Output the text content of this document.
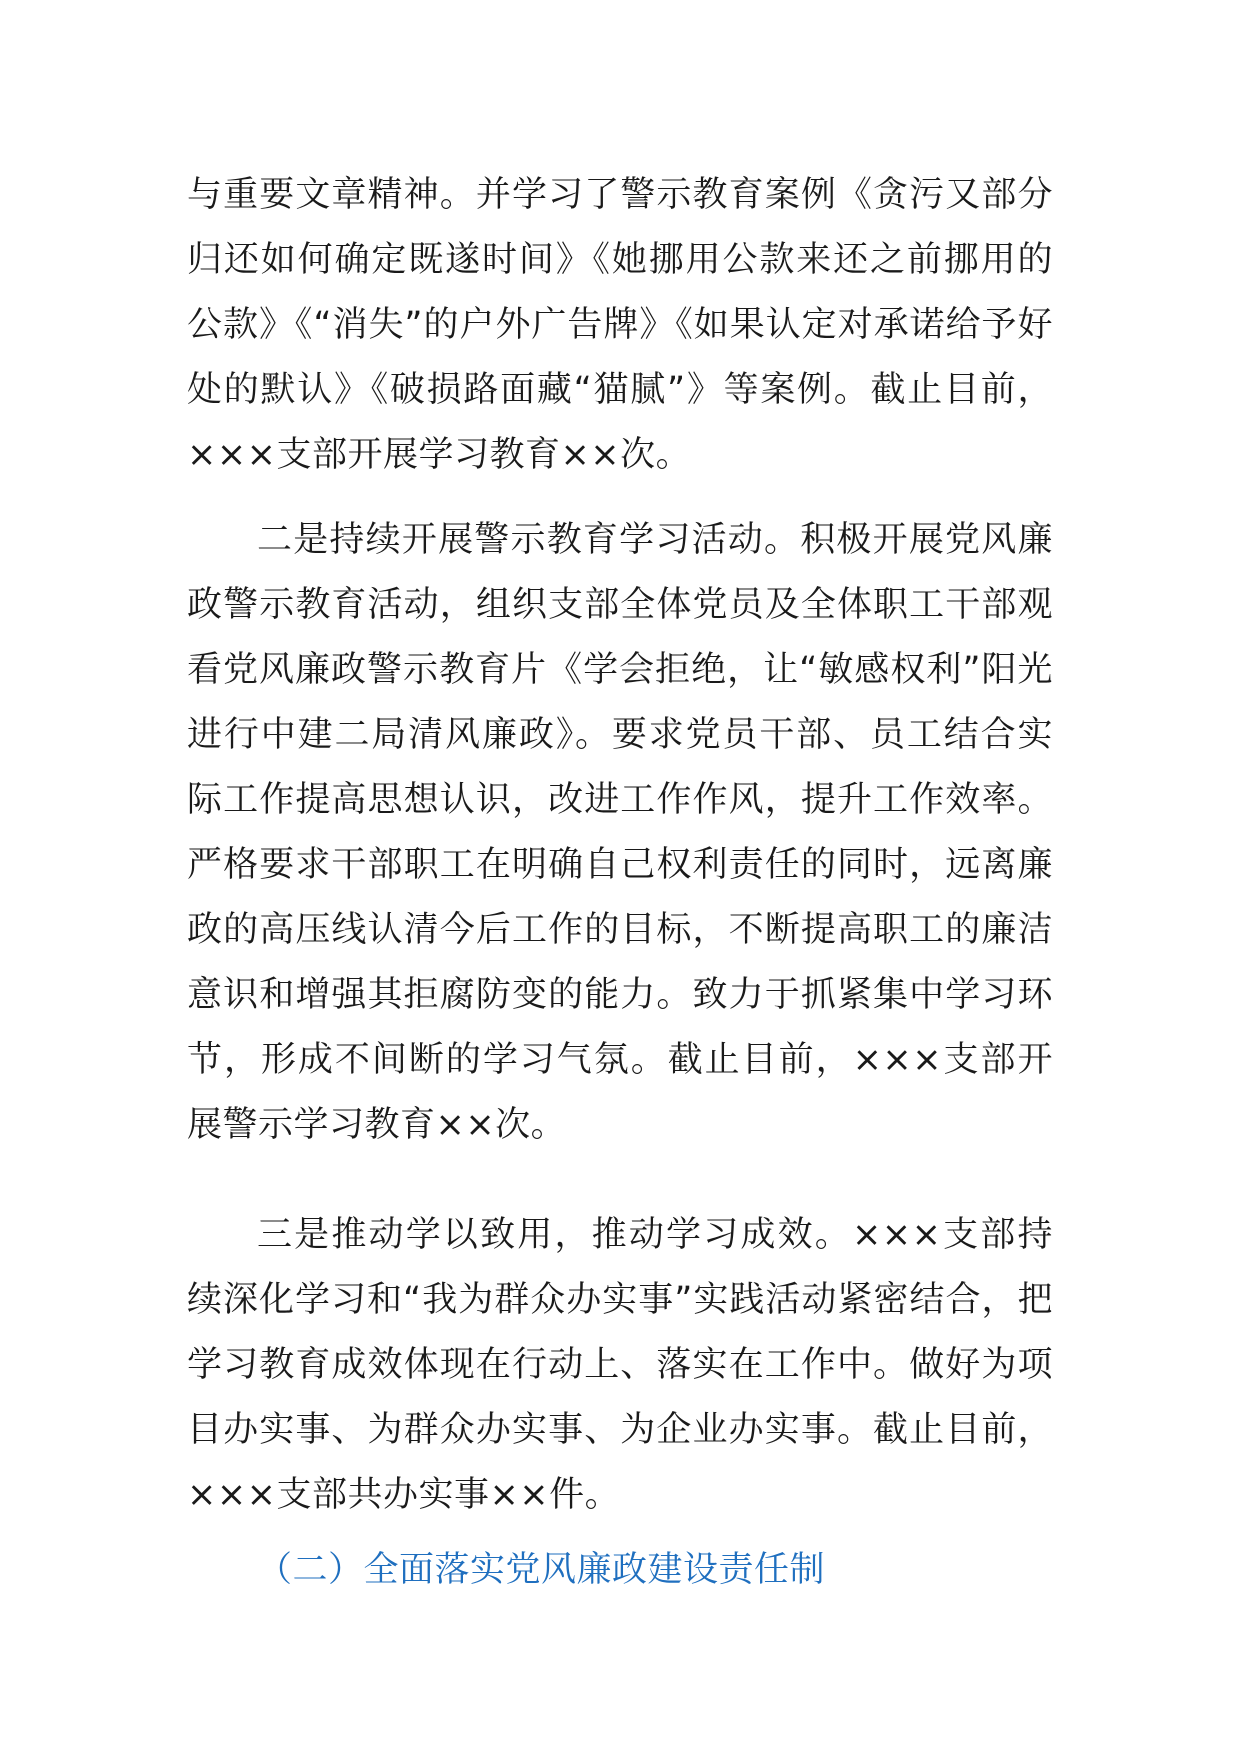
与重要文章精神。并学习了警示教育案例《贪污又部分归还如何确定既遂时间》《她挪用公款来还之前挪用的公款》《“消失”的户外广告牌》《如果认定对承诺给予好处的默认》《破损路面藏“猫腻”》等案例。截止目前，×××支部开展学习教育××次。

二是持续开展警示教育学习活动。积极开展党风廉政警示教育活动，组织支部全体党员及全体职工干部观看党风廉政警示教育片《学会拒绝，让“敏感权利”阳光进行中建二局清风廉政》。要求党员干部、员工结合实际工作提高思想认识，改进工作作风，提升工作效率。严格要求干部职工在明确自己权利责任的同时，远离廉政的高压线认清今后工作的目标，不断提高职工的廉洁意识和增强其拒腐防变的能力。致力于抓紧集中学习环节，形成不间断的学习气氛。截止目前，×××支部开展警示学习教育××次。

三是推动学以致用，推动学习成效。×××支部持续深化学习和“我为群众办实事”实践活动紧密结合，把学习教育成效体现在行动上、落实在工作中。做好为项目办实事、为群众办实事、为企业办实事。截止目前，×××支部共办实事××件。

（二）全面落实党风廉政建设责任制
